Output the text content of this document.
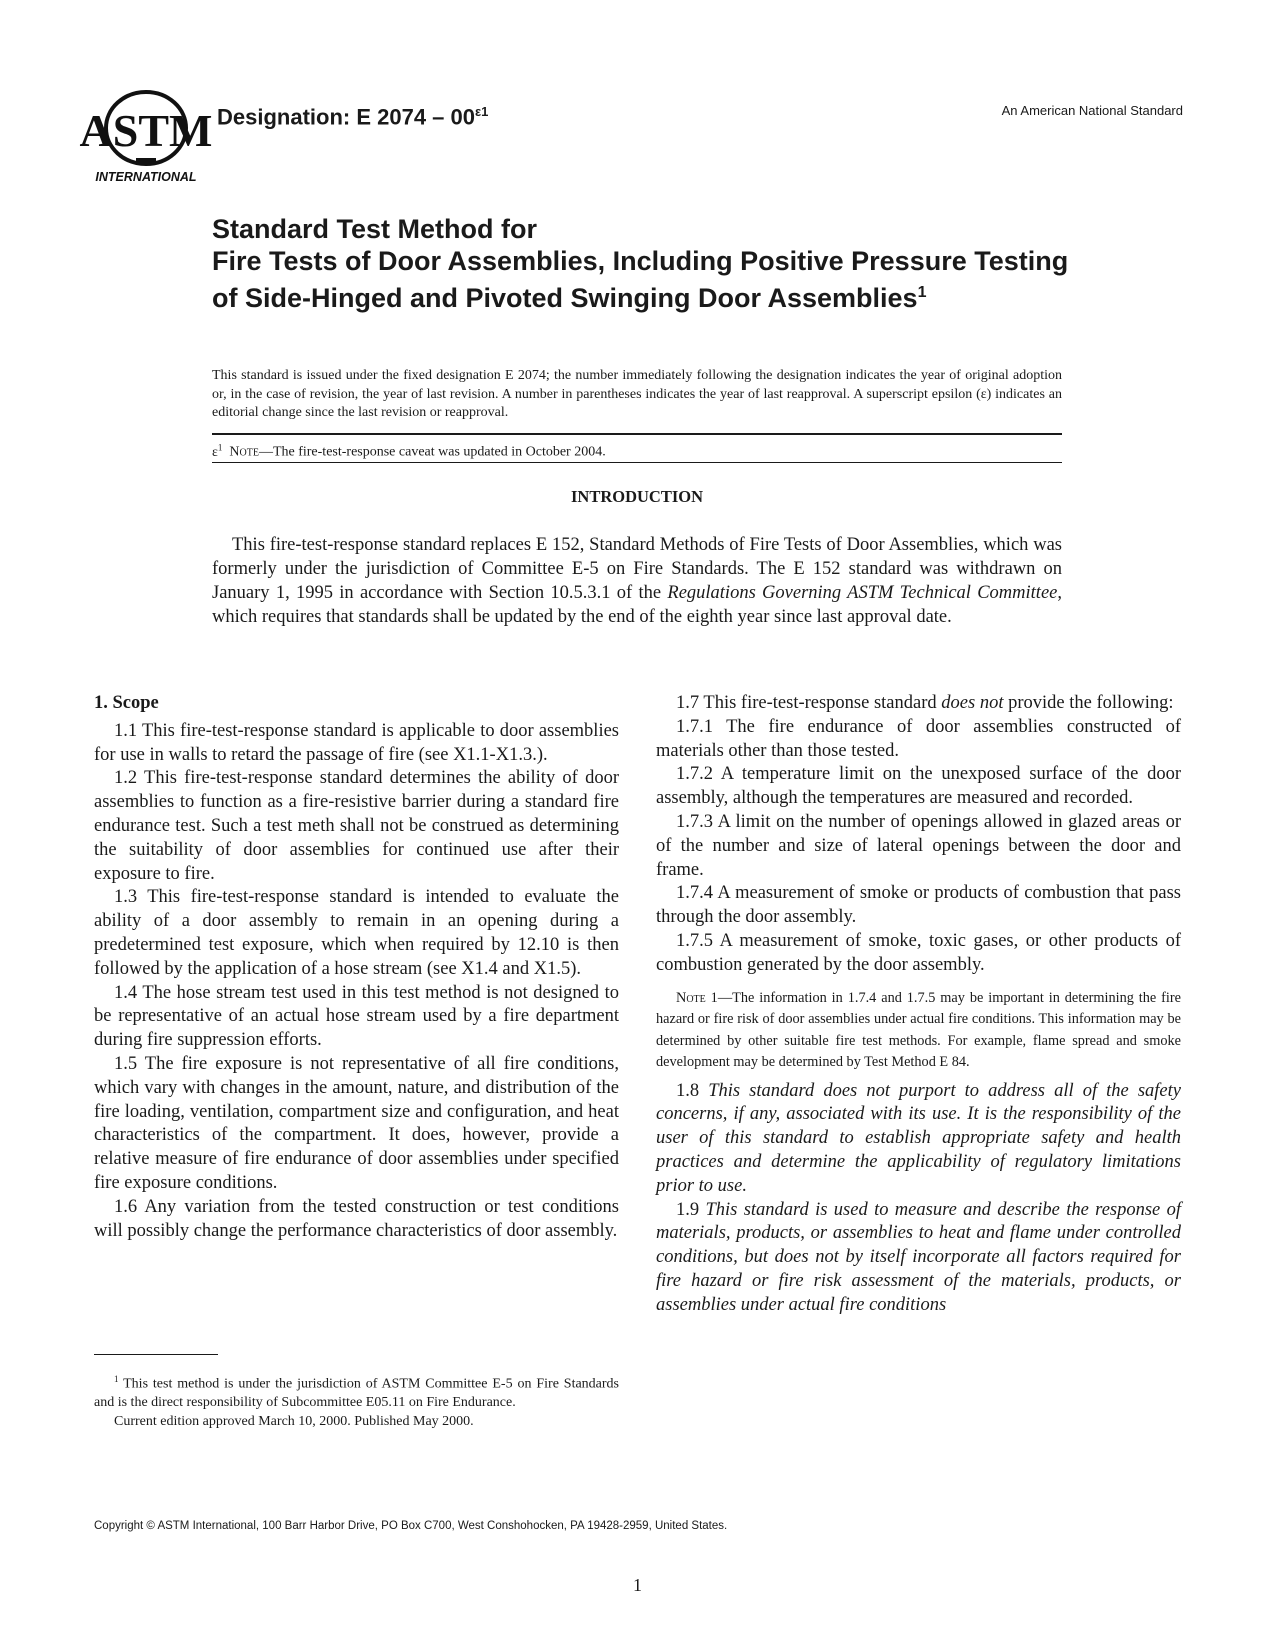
ASTM
INTERNATIONAL
Designation: E $2074 - 00^{\varepsilon 1}$	An American National Standard
Standard Test Method for
Fire Tests of Door Assemblies, Including Positive Pressure Testing of Side-Hinged and Pivoted Swinging Door Assemblies$^1$
This standard is issued under the fixed designation E 2074; the number immediately following the designation indicates the year of original adoption or, in the case of revision, the year of last revision. A number in parentheses indicates the year of last reapproval. A superscript epsilon (ε) indicates an editorial change since the last revision or reapproval.
$\varepsilon^1$ Note—The fire-test-response caveat was updated in October 2004.
INTRODUCTION
This fire-test-response standard replaces E 152, Standard Methods of Fire Tests of Door Assemblies, which was formerly under the jurisdiction of Committee E-5 on Fire Standards. The E 152 standard was withdrawn on January 1, 1995 in accordance with Section 10.5.3.1 of the Regulations Governing ASTM Technical Committee, which requires that standards shall be updated by the end of the eighth year since last approval date.
1. Scope

1.1 This fire-test-response standard is applicable to door assemblies for use in walls to retard the passage of fire (see X1.1-X1.3.).

1.2 This fire-test-response standard determines the ability of door assemblies to function as a fire-resistive barrier during a standard fire endurance test. Such a test meth shall not be construed as determining the suitability of door assemblies for continued use after their exposure to fire.

1.3 This fire-test-response standard is intended to evaluate the ability of a door assembly to remain in an opening during a predetermined test exposure, which when required by 12.10 is then followed by the application of a hose stream (see X1.4 and X1.5).

1.4 The hose stream test used in this test method is not designed to be representative of an actual hose stream used by a fire department during fire suppression efforts.

1.5 The fire exposure is not representative of all fire conditions, which vary with changes in the amount, nature, and distribution of the fire loading, ventilation, compartment size and configuration, and heat characteristics of the compartment. It does, however, provide a relative measure of fire endurance of door assemblies under specified fire exposure conditions.

1.6 Any variation from the tested construction or test conditions will possibly change the performance characteristics of door assembly.

$^1$ This test method is under the jurisdiction of ASTM Committee E-5 on Fire Standards and is the direct responsibility of Subcommittee E05.11 on Fire Endurance.

Current edition approved March 10, 2000. Published May 2000.

1.7 This fire-test-response standard does not provide the following:

1.7.1 The fire endurance of door assemblies constructed of materials other than those tested.

1.7.2 A temperature limit on the unexposed surface of the door assembly, although the temperatures are measured and recorded.

1.7.3 A limit on the number of openings allowed in glazed areas or of the number and size of lateral openings between the door and frame.

1.7.4 A measurement of smoke or products of combustion that pass through the door assembly.

1.7.5 A measurement of smoke, toxic gases, or other products of combustion generated by the door assembly.

Note 1—The information in 1.7.4 and 1.7.5 may be important in determining the fire hazard or fire risk of door assemblies under actual fire conditions. This information may be determined by other suitable fire test methods. For example, flame spread and smoke development may be determined by Test Method E 84.

1.8 This standard does not purport to address all of the safety concerns, if any, associated with its use. It is the responsibility of the user of this standard to establish appropriate safety and health practices and determine the applicability of regulatory limitations prior to use.

1.9 This standard is used to measure and describe the response of materials, products, or assemblies to heat and flame under controlled conditions, but does not by itself incorporate all factors required for fire hazard or fire risk assessment of the materials, products, or assemblies under actual fire conditions

Copyright © ASTM International, 100 Barr Harbor Drive, PO Box C700, West Conshohocken, PA 19428-2959, United States.
1
